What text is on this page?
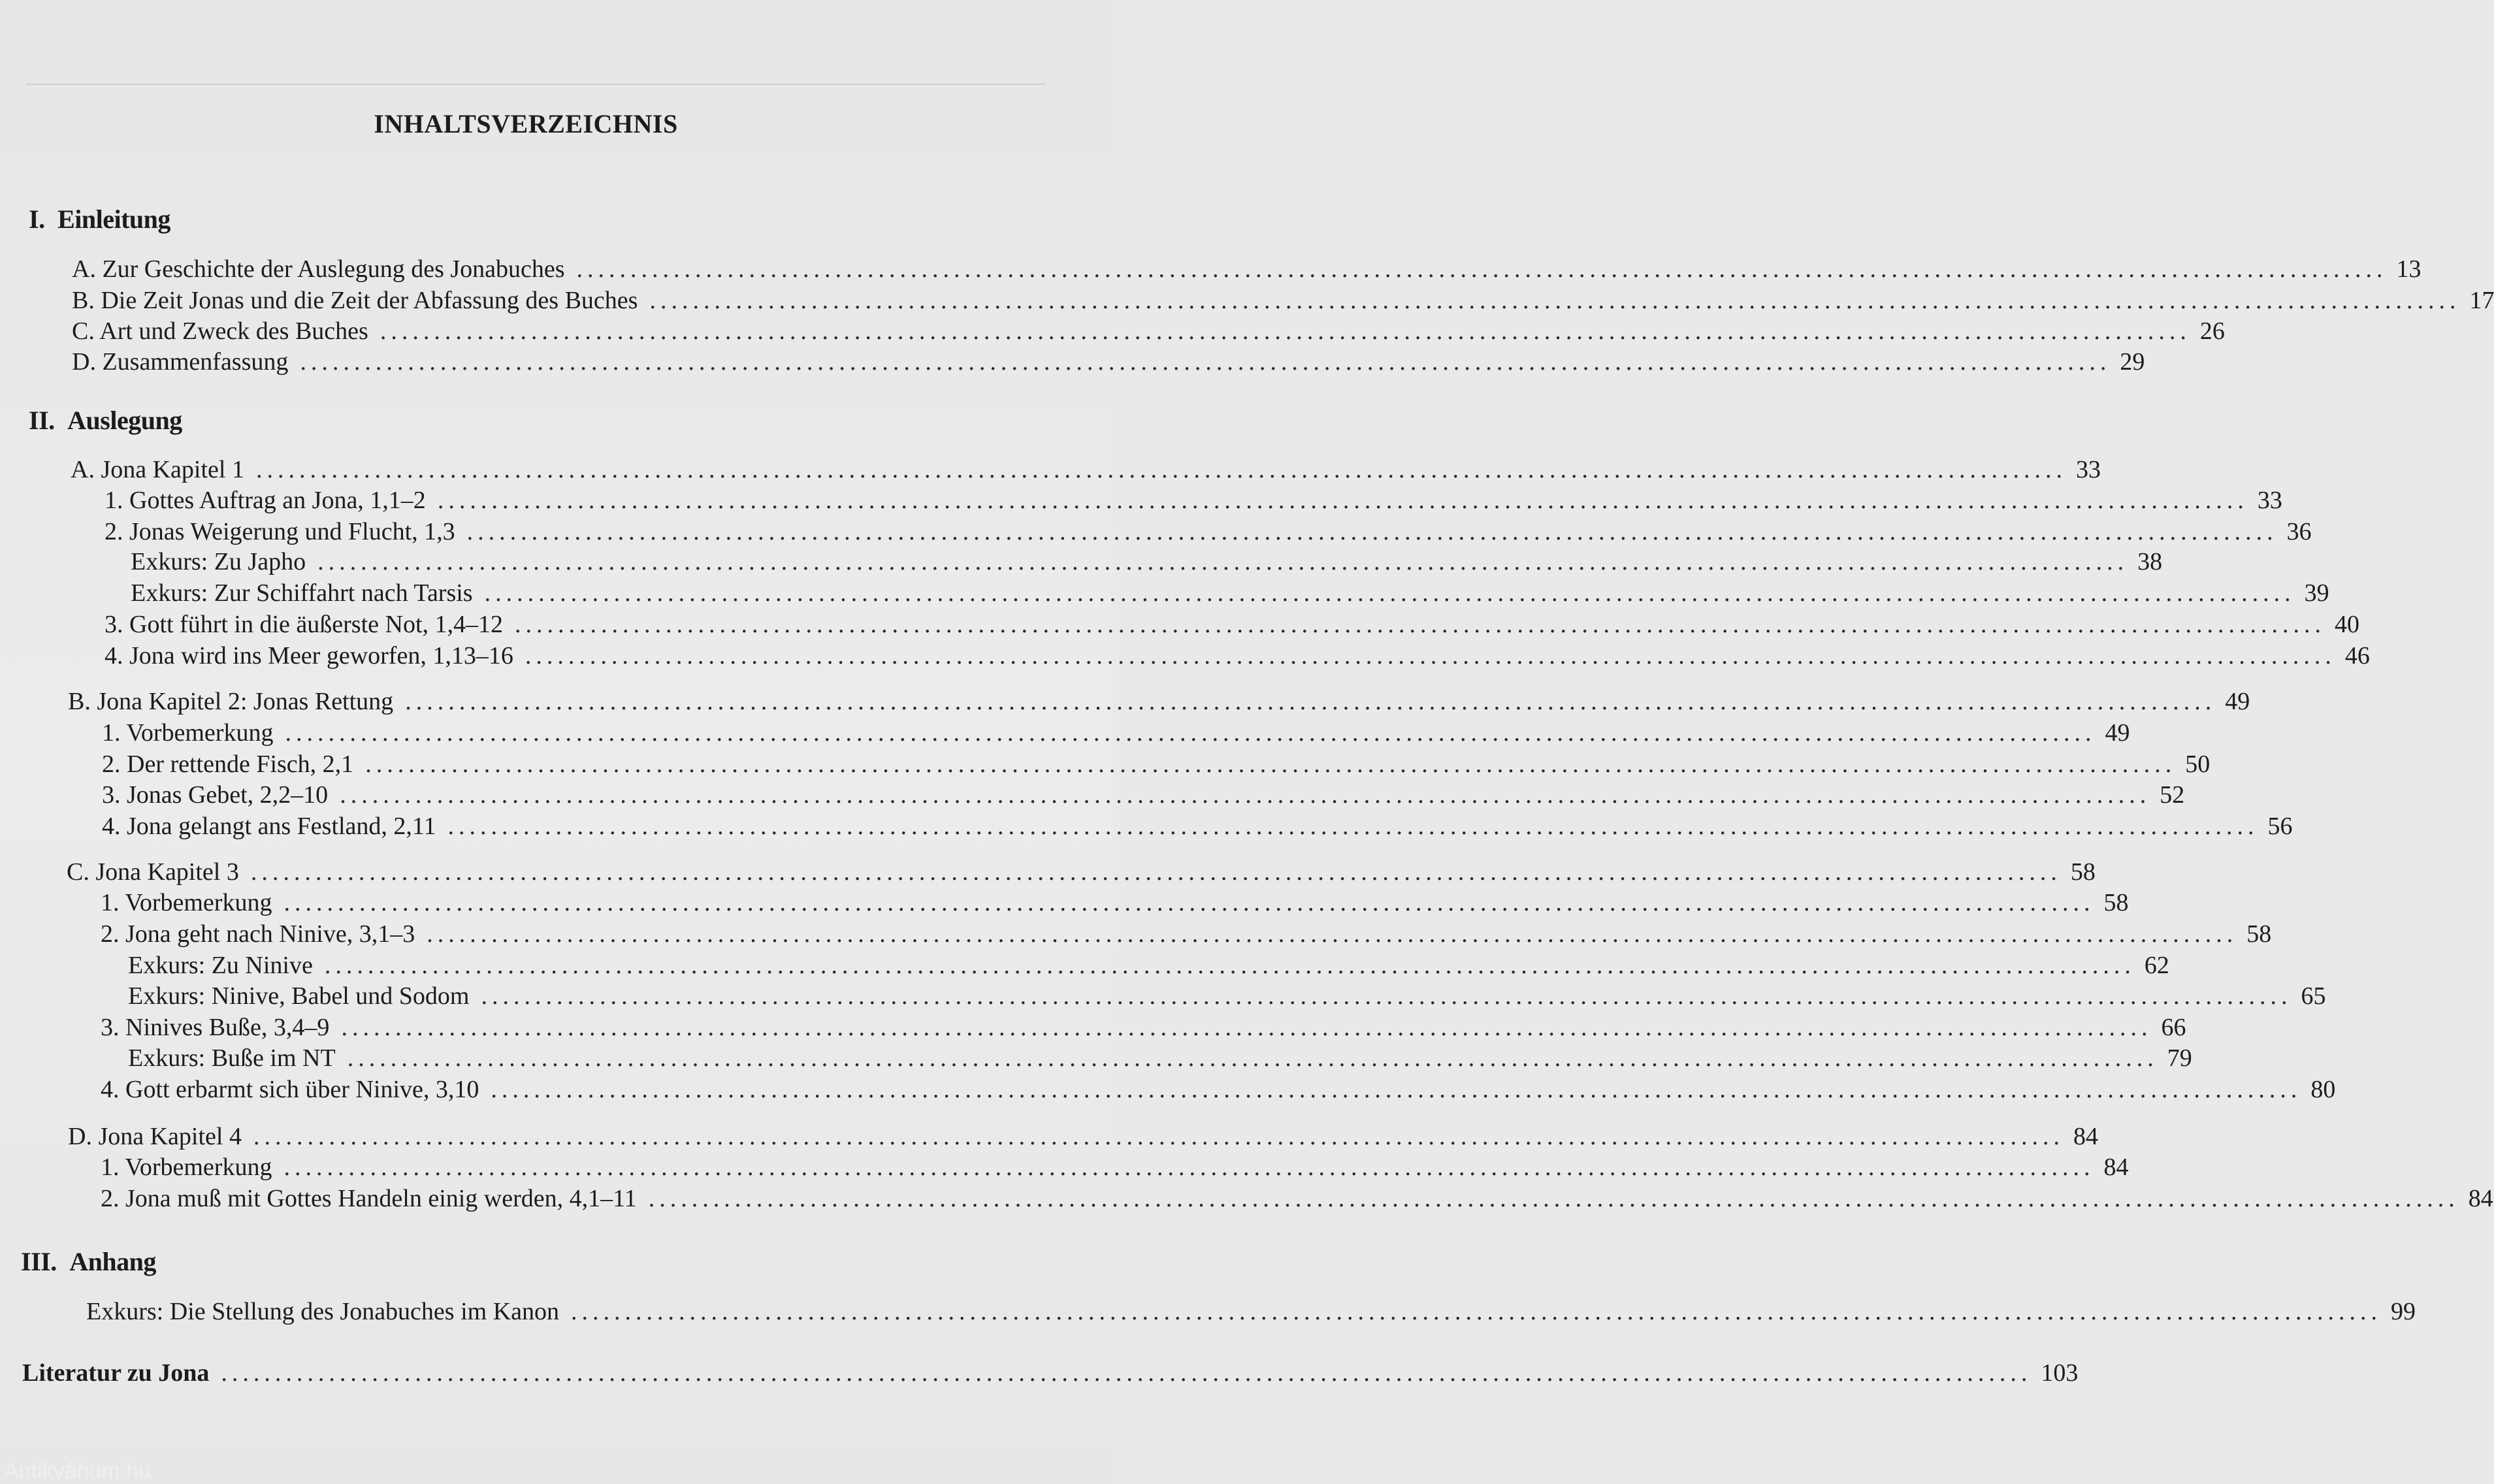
INHALTSVERZEICHNIS
I. Einleitung
A. Zur Geschichte der Auslegung des Jonabuches ........................................................................................................................................................................ 13
B. Die Zeit Jonas und die Zeit der Abfassung des Buches ........................................................................................................................................................................ 17
C. Art und Zweck des Buches ........................................................................................................................................................................ 26
D. Zusammenfassung ........................................................................................................................................................................ 29
II. Auslegung
A. Jona Kapitel 1 ........................................................................................................................................................................ 33
1. Gottes Auftrag an Jona, 1,1–2 ........................................................................................................................................................................ 33
2. Jonas Weigerung und Flucht, 1,3 ........................................................................................................................................................................ 36
Exkurs: Zu Japho ........................................................................................................................................................................ 38
Exkurs: Zur Schiffahrt nach Tarsis ........................................................................................................................................................................ 39
3. Gott führt in die äußerste Not, 1,4–12 ........................................................................................................................................................................ 40
4. Jona wird ins Meer geworfen, 1,13–16 ........................................................................................................................................................................ 46
B. Jona Kapitel 2: Jonas Rettung ........................................................................................................................................................................ 49
1. Vorbemerkung ........................................................................................................................................................................ 49
2. Der rettende Fisch, 2,1 ........................................................................................................................................................................ 50
3. Jonas Gebet, 2,2–10 ........................................................................................................................................................................ 52
4. Jona gelangt ans Festland, 2,11 ........................................................................................................................................................................ 56
C. Jona Kapitel 3 ........................................................................................................................................................................ 58
1. Vorbemerkung ........................................................................................................................................................................ 58
2. Jona geht nach Ninive, 3,1–3 ........................................................................................................................................................................ 58
Exkurs: Zu Ninive ........................................................................................................................................................................ 62
Exkurs: Ninive, Babel und Sodom ........................................................................................................................................................................ 65
3. Ninives Buße, 3,4–9 ........................................................................................................................................................................ 66
Exkurs: Buße im NT ........................................................................................................................................................................ 79
4. Gott erbarmt sich über Ninive, 3,10 ........................................................................................................................................................................ 80
D. Jona Kapitel 4 ........................................................................................................................................................................ 84
1. Vorbemerkung ........................................................................................................................................................................ 84
2. Jona muß mit Gottes Handeln einig werden, 4,1–11 ........................................................................................................................................................................ 84
III. Anhang
Exkurs: Die Stellung des Jonabuches im Kanon ........................................................................................................................................................................ 99
Literatur zu Jona ........................................................................................................................................................................ 103
Antikvárium.hu
